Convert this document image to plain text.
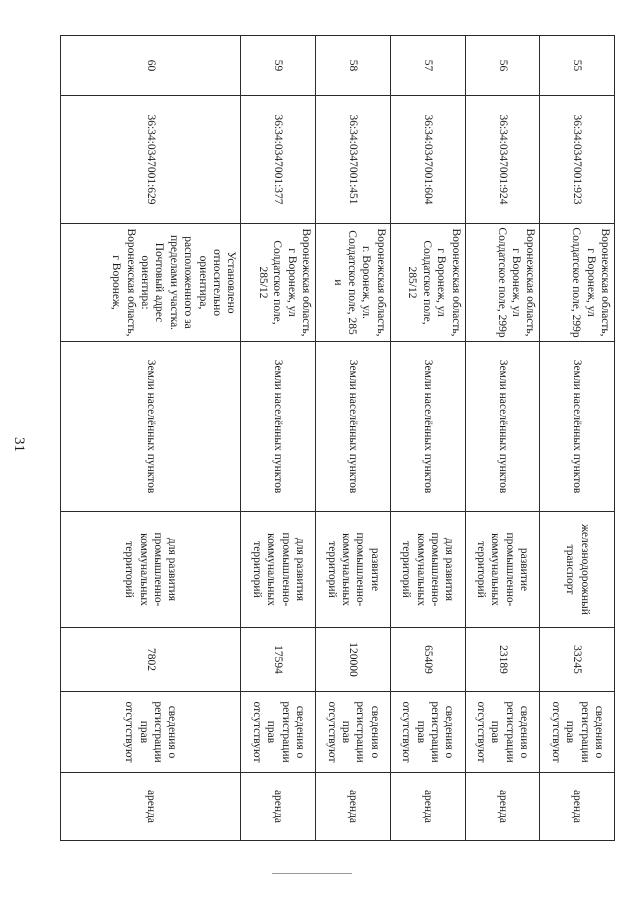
31
55	36:34:0347001:923	Воронежская область, г Воронеж, ул Солдатское поле, 299р	Земли населённых пунктов	железнодорожный транспорт	33245	сведения о регистрации прав отсутствуют	аренда
56	36:34:0347001:924	Воронежская область, г Воронеж, ул Солдатское поле, 299р	Земли населённых пунктов	развитие промышленно-коммунальных территорий	23189	сведения о регистрации прав отсутствуют	аренда
57	36:34:0347001:604	Воронежская область, г Воронеж, ул Солдатское поле, 285/12	Земли населённых пунктов	для развития промышленно-коммунальных территорий	65409	сведения о регистрации прав отсутствуют	аренда
58	36:34:0347001:451	Воронежская область, г. Воронеж, ул. Солдатское поле, 285 и	Земли населённых пунктов	развитие промышленно-коммунальных территорий	120000	сведения о регистрации прав отсутствуют	аренда
59	36:34:0347001:377	Воронежская область, г Воронеж, ул Солдатское поле, 285/12	Земли населённых пунктов	для развития промышленно-коммунальных территорий	17594	сведения о регистрации прав отсутствуют	аренда
60	36:34:0347001:629	Установлено относительно ориентира, расположенного за пределами участка. Почтовый адрес ориентира: Воронежская область, г Воронеж,	Земли населённых пунктов	для развития промышленно-коммунальных территорий	7802	сведения о регистрации прав отсутствуют	аренда
